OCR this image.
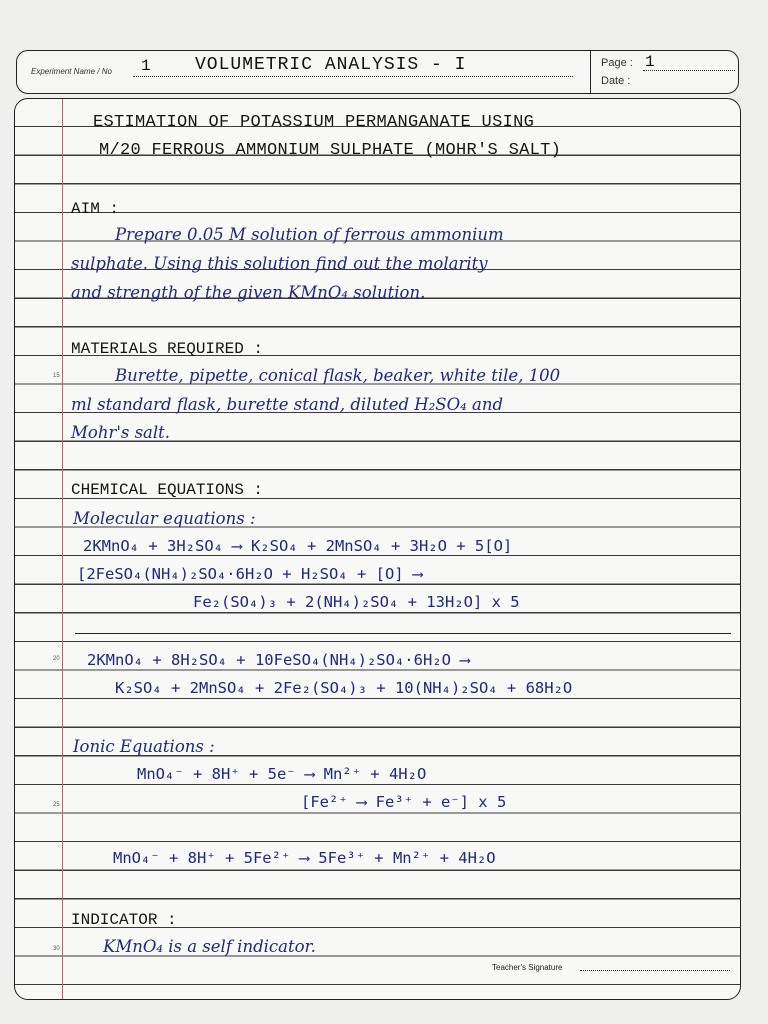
Experiment Name / No 1 VOLUMETRIC ANALYSIS - I	Page : 1
Date :
15
20
25
30
ESTIMATION OF POTASSIUM PERMANGANATE USING
M/20 FERROUS AMMONIUM SULPHATE (MOHR'S SALT)
AIM :
Prepare 0.05 M solution of ferrous ammonium
sulphate. Using this solution find out the molarity
and strength of the given KMnO₄ solution.
MATERIALS REQUIRED :
Burette, pipette, conical flask, beaker, white tile, 100
ml standard flask, burette stand, diluted H₂SO₄ and
Mohr's salt.
CHEMICAL EQUATIONS :
Molecular equations :
2KMnO₄ + 3H₂SO₄ ⟶ K₂SO₄ + 2MnSO₄ + 3H₂O + 5[O]
[2FeSO₄(NH₄)₂SO₄·6H₂O + H₂SO₄ + [O] ⟶
Fe₂(SO₄)₃ + 2(NH₄)₂SO₄ + 13H₂O] x 5
2KMnO₄ + 8H₂SO₄ + 10FeSO₄(NH₄)₂SO₄·6H₂O ⟶
K₂SO₄ + 2MnSO₄ + 2Fe₂(SO₄)₃ + 10(NH₄)₂SO₄ + 68H₂O
Ionic Equations :
MnO₄⁻ + 8H⁺ + 5e⁻ ⟶ Mn²⁺ + 4H₂O
[Fe²⁺ ⟶ Fe³⁺ + e⁻] x 5
MnO₄⁻ + 8H⁺ + 5Fe²⁺ ⟶ 5Fe³⁺ + Mn²⁺ + 4H₂O
INDICATOR :
KMnO₄ is a self indicator.
Teacher's Signature
